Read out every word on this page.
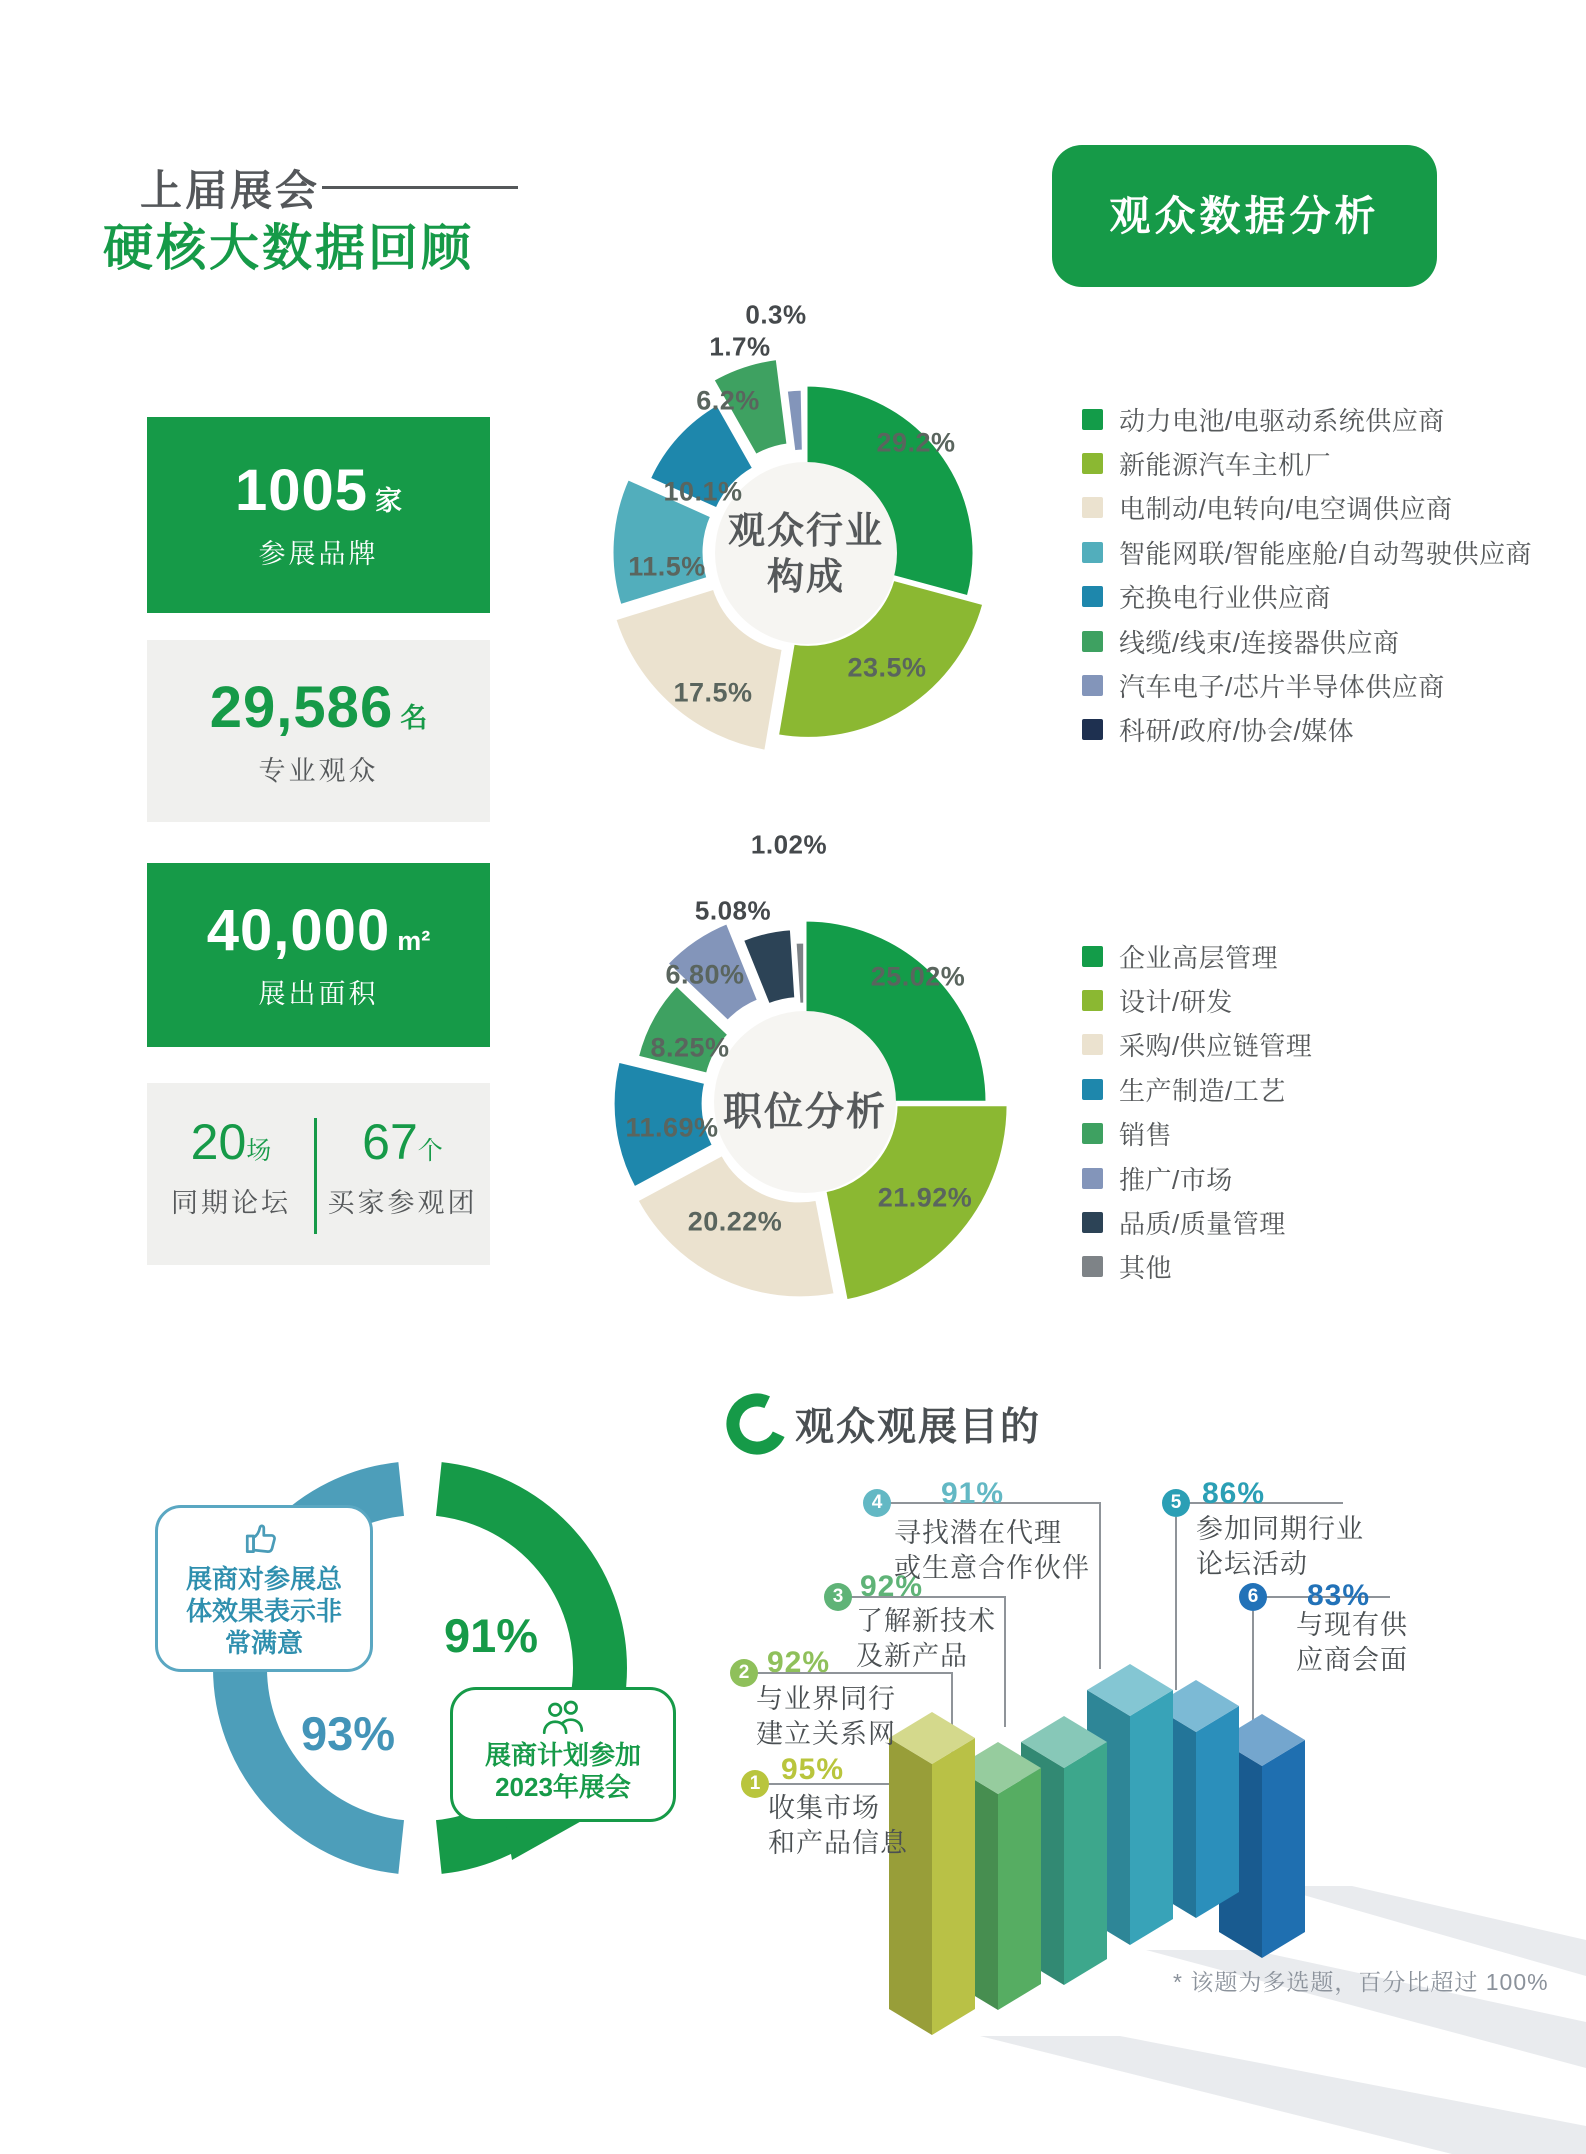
上届展会
硬核大数据回顾
观众数据分析
1005 家
参展品牌
29,586 名
专业观众
40,000 m²
展出面积
20场
同期论坛
67个
买家参观团
观众行业
构成
职位分析
动力电池/电驱动系统供应商
新能源汽车主机厂
电制动/电转向/电空调供应商
智能网联/智能座舱/自动驾驶供应商
充换电行业供应商
线缆/线束/连接器供应商
汽车电子/芯片半导体供应商
科研/政府/协会/媒体
企业高层管理
设计/研发
采购/供应链管理
生产制造/工艺
销售
推广/市场
品质/质量管理
其他
29.2%
23.5%
17.5%
11.5%
10.1%
6.2%
1.7%
0.3%
25.02%
21.92%
20.22%
11.69%
8.25%
6.80%
5.08%
1.02%
91%
93%
展商对参展总
体效果表示非
常满意
展商计划参加
2023年展会
观众观展目的
1 95%
收集市场
和产品信息
2 92%
与业界同行
建立关系网
3 92%
了解新技术
及新产品
4 91%
寻找潜在代理
或生意合作伙伴
5 86%
参加同期行业
论坛活动
6 83%
与现有供
应商会面
* 该题为多选题，百分比超过 100%
